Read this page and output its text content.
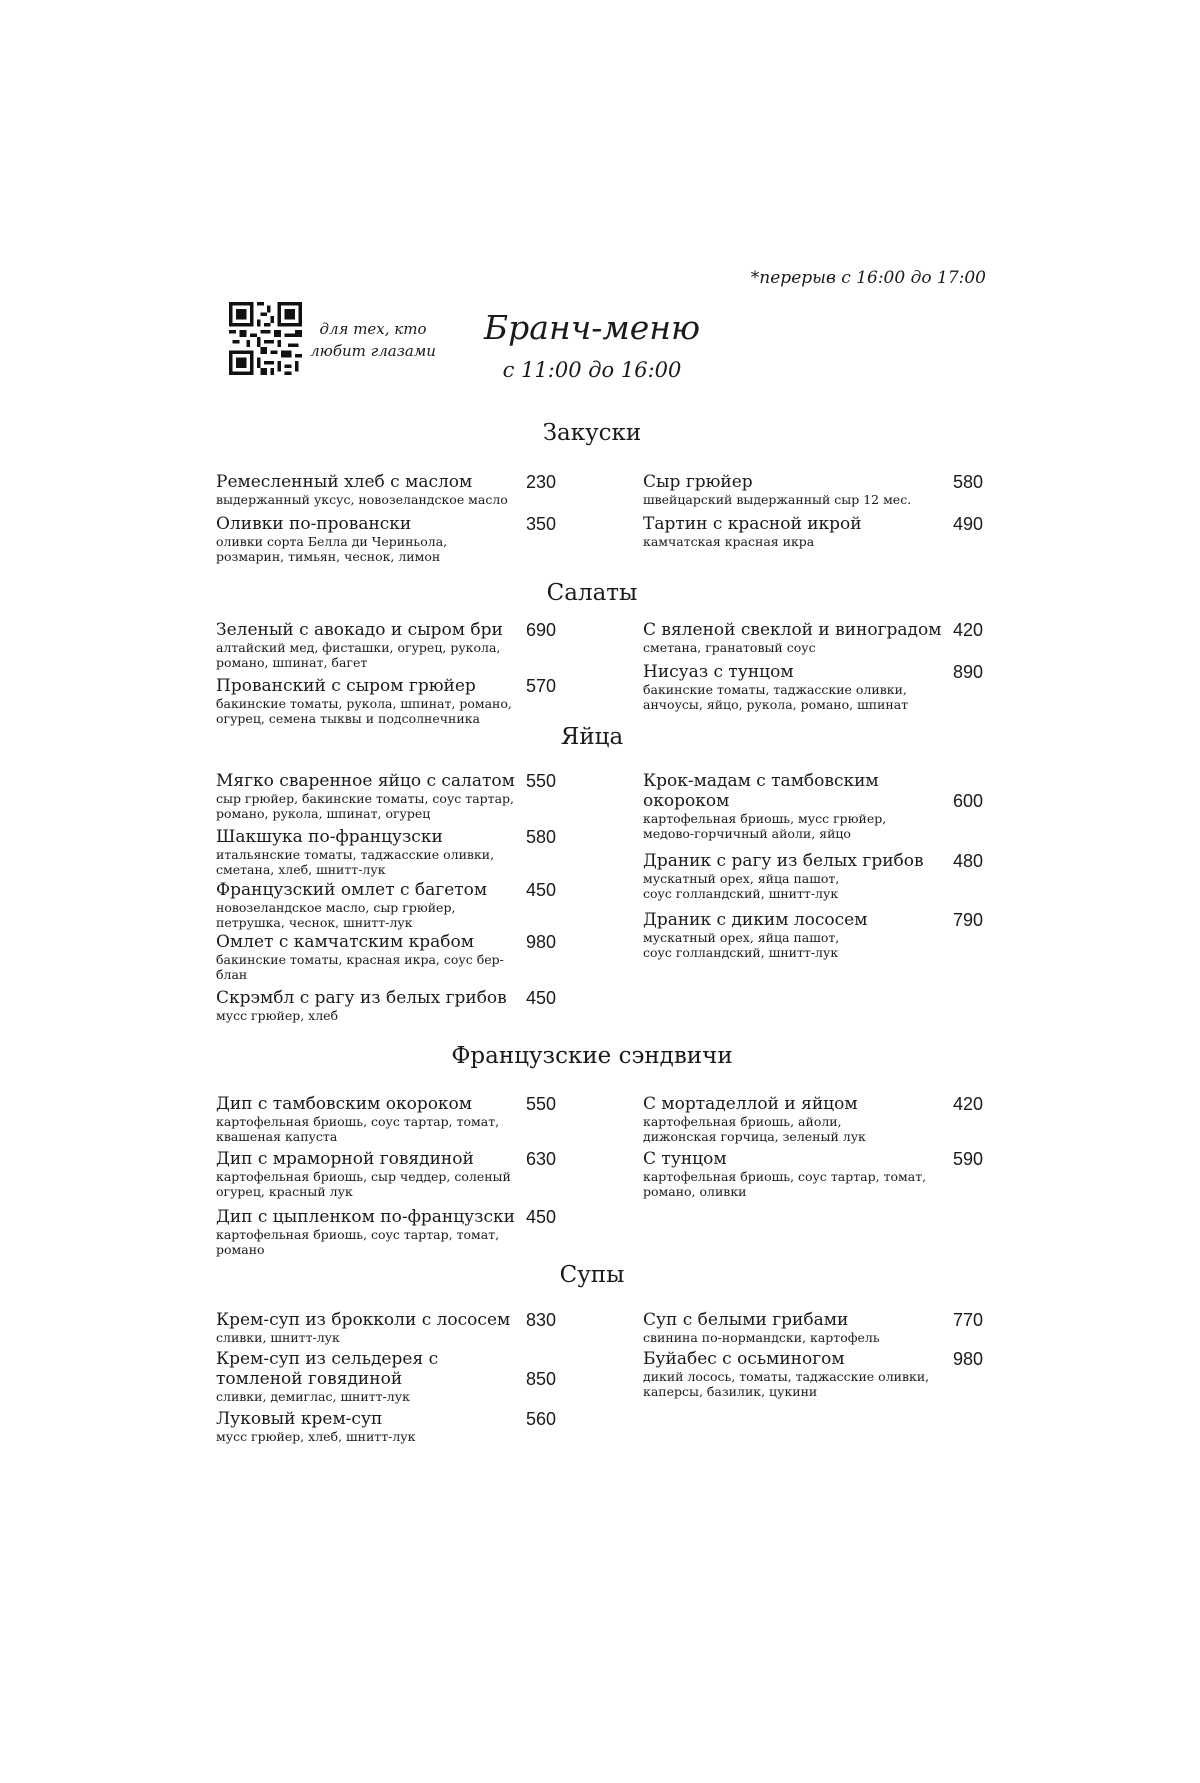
*перерыв с 16:00 до 17:00
для тех, кто
любит глазами
Бранч-меню
с 11:00 до 16:00
Закуски
Ремесленный хлеб с маслом
выдержанный уксус, новозеландское масло
230
Оливки по-провански
оливки сорта Белла ди Чериньола, розмарин, тимьян, чеснок, лимон
350
Сыр грюйер
швейцарский выдержанный сыр 12 мес.
580
Тартин с красной икрой
камчатская красная икра
490
Салаты
Зеленый с авокадо и сыром бри
алтайский мед, фисташки, огурец, рукола, романо, шпинат, багет
690
Прованский с сыром грюйер
бакинские томаты, рукола, шпинат, романо, огурец, семена тыквы и подсолнечника
570
С вяленой свеклой и виноградом
сметана, гранатовый соус
420
Нисуаз с тунцом
бакинские томаты, таджасские оливки, анчоусы, яйцо, рукола, романо, шпинат
890
Яйца
Мягко сваренное яйцо с салатом
сыр грюйер, бакинские томаты, соус тартар, романо, рукола, шпинат, огурец
550
Шакшука по-французски
итальянские томаты, таджасские оливки, сметана, хлеб, шнитт-лук
580
Французский омлет с багетом
новозеландское масло, сыр грюйер, петрушка, чеснок, шнитт-лук
450
Омлет с камчатским крабом
бакинские томаты, красная икра, соус бер-блан
980
Скрэмбл с рагу из белых грибов
мусс грюйер, хлеб
450
Крок-мадам с тамбовским окороком
картофельная бриошь, мусс грюйер, медово-горчичный айоли, яйцо
600
Драник с рагу из белых грибов
мускатный орех, яйца пашот, соус голландский, шнитт-лук
480
Драник с диким лососем
мускатный орех, яйца пашот, соус голландский, шнитт-лук
790
Французские сэндвичи
Дип с тамбовским окороком
картофельная бриошь, соус тартар, томат, квашеная капуста
550
Дип с мраморной говядиной
картофельная бриошь, сыр чеддер, соленый огурец, красный лук
630
Дип с цыпленком по-французски
картофельная бриошь, соус тартар, томат, романо
450
С мортаделлой и яйцом
картофельная бриошь, айоли, дижонская горчица, зеленый лук
420
С тунцом
картофельная бриошь, соус тартар, томат, романо, оливки
590
Супы
Крем-суп из брокколи с лососем
сливки, шнитт-лук
830
Крем-суп из сельдерея с томленой говядиной
сливки, демиглас, шнитт-лук
850
Луковый крем-суп
мусс грюйер, хлеб, шнитт-лук
560
Суп с белыми грибами
свинина по-нормандски, картофель
770
Буйабес с осьминогом
дикий лосось, томаты, таджасские оливки, каперсы, базилик, цукини
980
